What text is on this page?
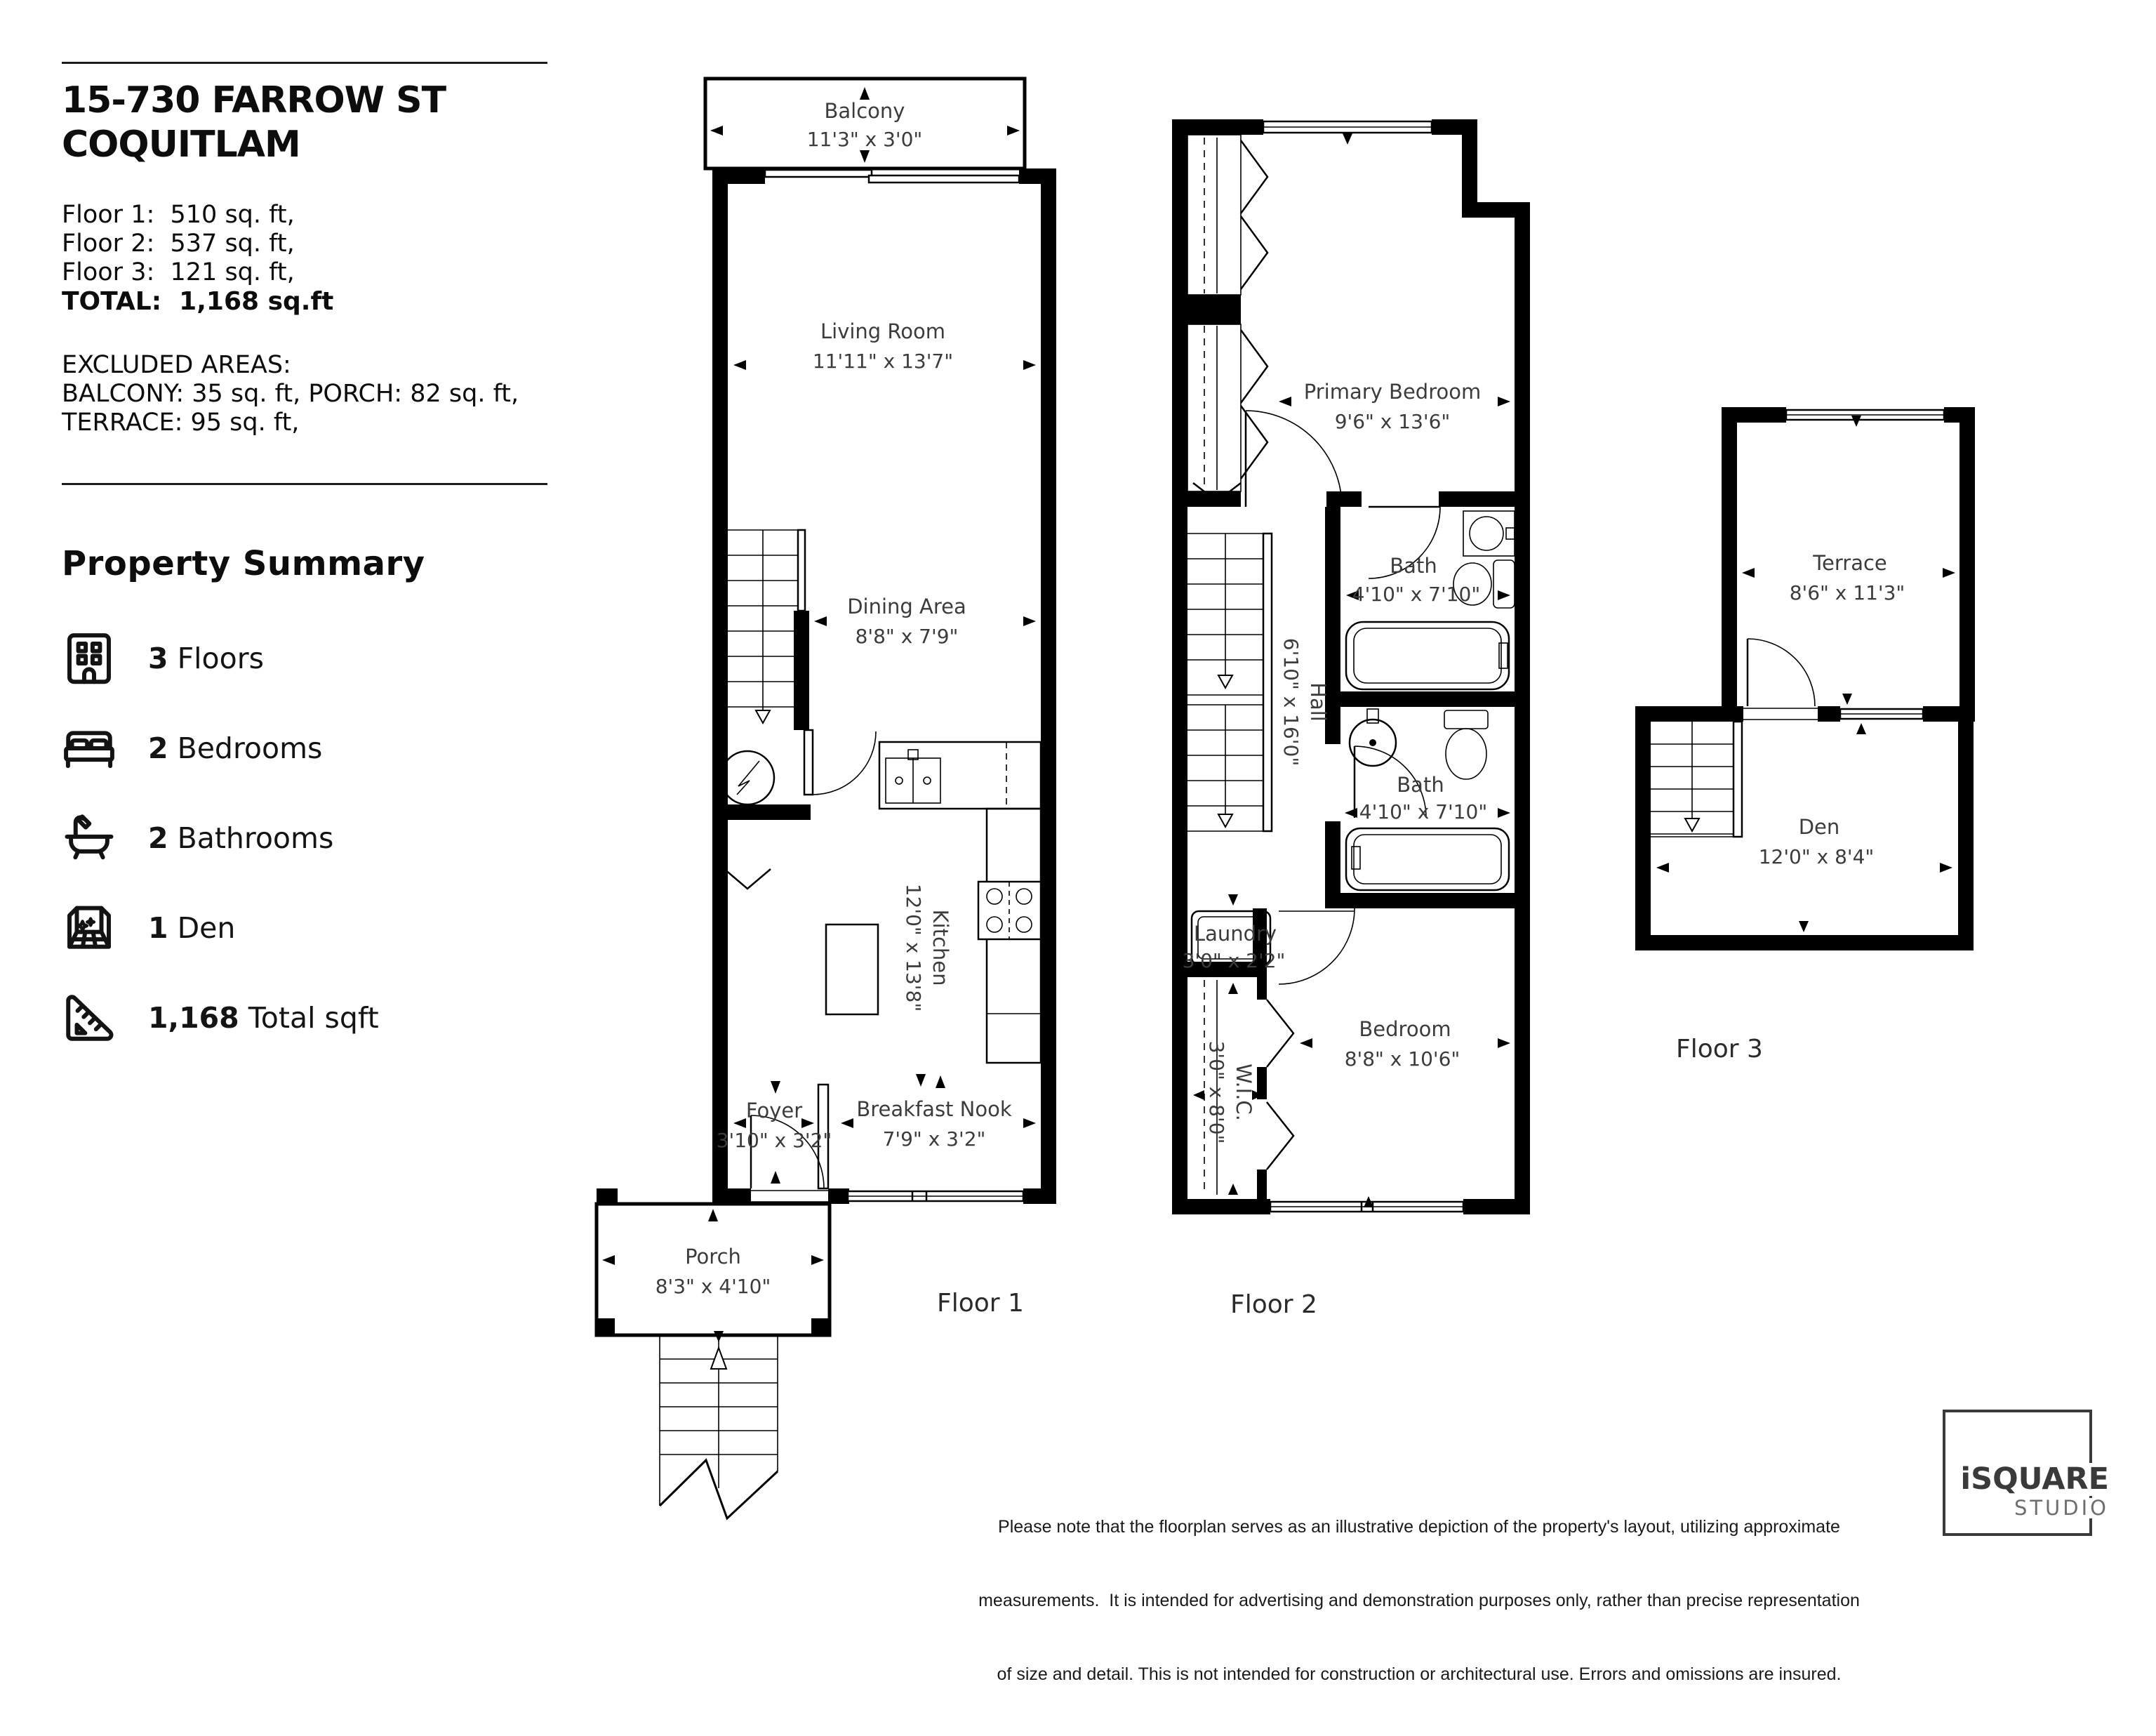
15-730 FARROW ST
COQUITLAM
Floor 1:  510 sq. ft,
Floor 2:  537 sq. ft,
Floor 3:  121 sq. ft,
TOTAL:  1,168 sq.ft
EXCLUDED AREAS:
BALCONY: 35 sq. ft, PORCH: 82 sq. ft,
TERRACE: 95 sq. ft,
Property Summary
3 Floors
2 Bedrooms
2 Bathrooms
1 Den
1,168 Total sqft
Balcony
11'3" x 3'0"
Living Room
11'11" x 13'7"
Dining Area
8'8" x 7'9"
Kitchen
12'0" x 13'8"
Foyer
3'10" x 3'2"
Breakfast Nook
7'9" x 3'2"
Porch
8'3" x 4'10"
Floor 1
Primary Bedroom
9'6" x 13'6"
Hall
6'10" x 16'0"
Bath
4'10" x 7'10"
Bath
4'10" x 7'10"
Laundry
3'0" x 2'2"
W.I.C.
3'0" x 8'0"
Bedroom
8'8" x 10'6"
Floor 2
Terrace
8'6" x 11'3"
Den
12'0" x 8'4"
Floor 3

Please note that the floorplan serves as an illustrative depiction of the property's layout, utilizing approximate

measurements.  It is intended for advertising and demonstration purposes only, rather than precise representation

of size and detail. This is not intended for construction or architectural use. Errors and omissions are insured.

iSQUARE
STUDIO
